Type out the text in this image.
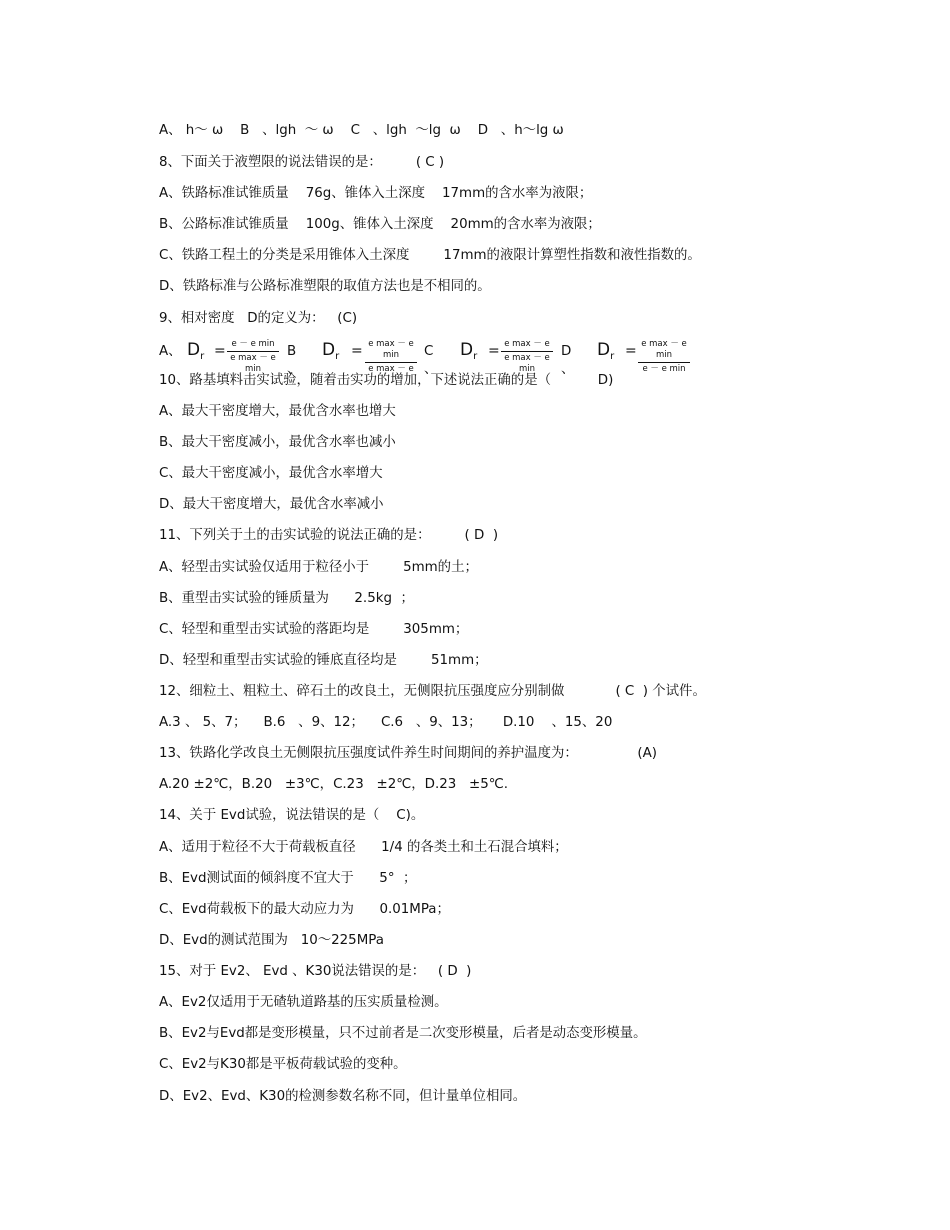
A、 h～ ω    B   、lgh  ～ ω    C   、lgh  ～lg  ω    D   、h～lg ω
8、下面关于液塑限的说法错误的是：        ( C )
A、铁路标准试锥质量    76g、锥体入土深度    17mm的含水率为液限；
B、公路标准试锥质量    100g、锥体入土深度    20mm的含水率为液限；
C、铁路工程土的分类是采用锥体入土深度        17mm的液限计算塑性指数和液性指数的。
D、铁路标准与公路标准塑限的取值方法也是不相同的。
9、相对密度   D的定义为：   (C)
A、 $D_r = e - e$ min
e max － e min
B 、
$D_r = e$ max － e min
e max － e
C 、
$D_r = e$ max － e
e max － e min
D 、
$D_r = e$ max － e min
e － e min
10、路基填料击实试验，随着击实功的增加，下述说法正确的是（           D)
A、最大干密度增大，最优含水率也增大
B、最大干密度减小，最优含水率也减小
C、最大干密度减小，最优含水率增大
D、最大干密度增大，最优含水率减小
11、下列关于土的击实试验的说法正确的是：        ( D  )
A、轻型击实试验仅适用于粒径小于        5mm的土；
B、重型击实试验的锤质量为      2.5kg  ；
C、轻型和重型击实试验的落距均是        305mm；
D、轻型和重型击实试验的锤底直径均是        51mm；
12、细粒土、粗粒土、碎石土的改良土，无侧限抗压强度应分别制做            ( C  ) 个试件。
A.3 、 5、7；    B.6   、9、12；    C.6   、9、13；     D.10    、15、20
13、铁路化学改良土无侧限抗压强度试件养生时间期间的养护温度为：              (A)
A.20 ±2℃，B.20   ±3℃，C.23   ±2℃，D.23   ±5℃.
14、关于 Evd试验，说法错误的是（    C)。
A、适用于粒径不大于荷载板直径      1/4 的各类土和土石混合填料；
B、Evd测试面的倾斜度不宜大于      5°  ；
C、Evd荷载板下的最大动应力为      0.01MPa；
D、Evd的测试范围为   10～225MPa
15、对于 Ev2、 Evd 、K30说法错误的是：   ( D  )
A、Ev2仅适用于无碴轨道路基的压实质量检测。
B、Ev2与Evd都是变形模量，只不过前者是二次变形模量，后者是动态变形模量。
C、Ev2与K30都是平板荷载试验的变种。
D、Ev2、Evd、K30的检测参数名称不同，但计量单位相同。
